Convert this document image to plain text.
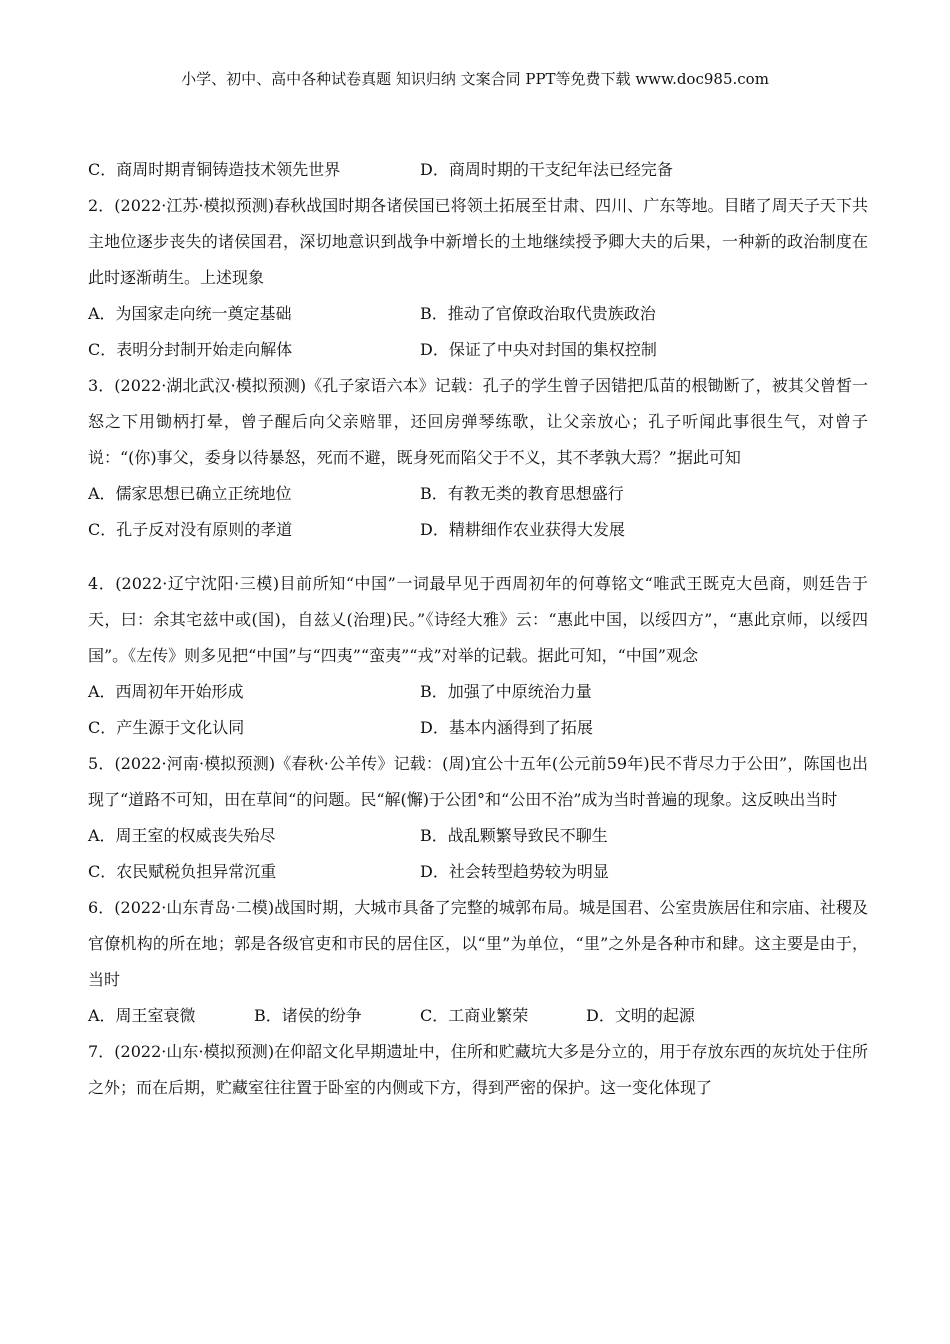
小学、初中、高中各种试卷真题 知识归纳 文案合同 PPT等免费下载 www.doc985.com
C．商周时期青铜铸造技术领先世界	D．商周时期的干支纪年法已经完备

2．(2022·江苏·模拟预测)春秋战国时期各诸侯国已将领土拓展至甘肃、四川、广东等地。目睹了周天子天下共主地位逐步丧失的诸侯国君，深切地意识到战争中新增长的土地继续授予卿大夫的后果，一种新的政治制度在此时逐渐萌生。上述现象

A．为国家走向统一奠定基础	B．推动了官僚政治取代贵族政治
C．表明分封制开始走向解体	D．保证了中央对封国的集权控制

3．(2022·湖北武汉·模拟预测)《孔子家语六本》记载：孔子的学生曾子因错把瓜苗的根锄断了，被其父曾皙一怒之下用锄柄打晕，曾子醒后向父亲赔罪，还回房弹琴练歌，让父亲放心；孔子听闻此事很生气，对曾子说：“(你)事父，委身以待暴怒，死而不避，既身死而陷父于不义，其不孝孰大焉？”据此可知

A．儒家思想已确立正统地位	B．有教无类的教育思想盛行
C．孔子反对没有原则的孝道	D．精耕细作农业获得大发展

4．(2022·辽宁沈阳·三模)目前所知“中国”一词最早见于西周初年的何尊铭文“唯武王既克大邑商，则廷告于天，曰：余其宅兹中或(国)，自兹乂(治理)民。”《诗经大雅》云：“惠此中国，以绥四方”，“惠此京师，以绥四国”。《左传》则多见把“中国”与“四夷”“蛮夷”“戎”对举的记载。据此可知，“中国”观念

A．西周初年开始形成	B．加强了中原统治力量
C．产生源于文化认同	D．基本内涵得到了拓展

5．(2022·河南·模拟预测)《春秋·公羊传》记载：(周)宜公十五年(公元前59年)民不背尽力于公田”，陈国也出现了“道路不可知，田在草间“的问题。民“解(懈)于公团°和“公田不治”成为当时普遍的现象。这反映出当时

A．周王室的权威丧失殆尽	B．战乱颗繁导致民不聊生
C．农民赋税负担异常沉重	D．社会转型趋势较为明显

6．(2022·山东青岛·二模)战国时期，大城市具备了完整的城郭布局。城是国君、公室贵族居住和宗庙、社稷及官僚机构的所在地；郭是各级官吏和市民的居住区，以“里”为单位，“里”之外是各种市和肆。这主要是由于，当时

A．周王室衰微	B．诸侯的纷争	C．工商业繁荣	D．文明的起源

7．(2022·山东·模拟预测)在仰韶文化早期遗址中，住所和贮藏坑大多是分立的，用于存放东西的灰坑处于住所之外；而在后期，贮藏室往往置于卧室的内侧或下方，得到严密的保护。这一变化体现了
